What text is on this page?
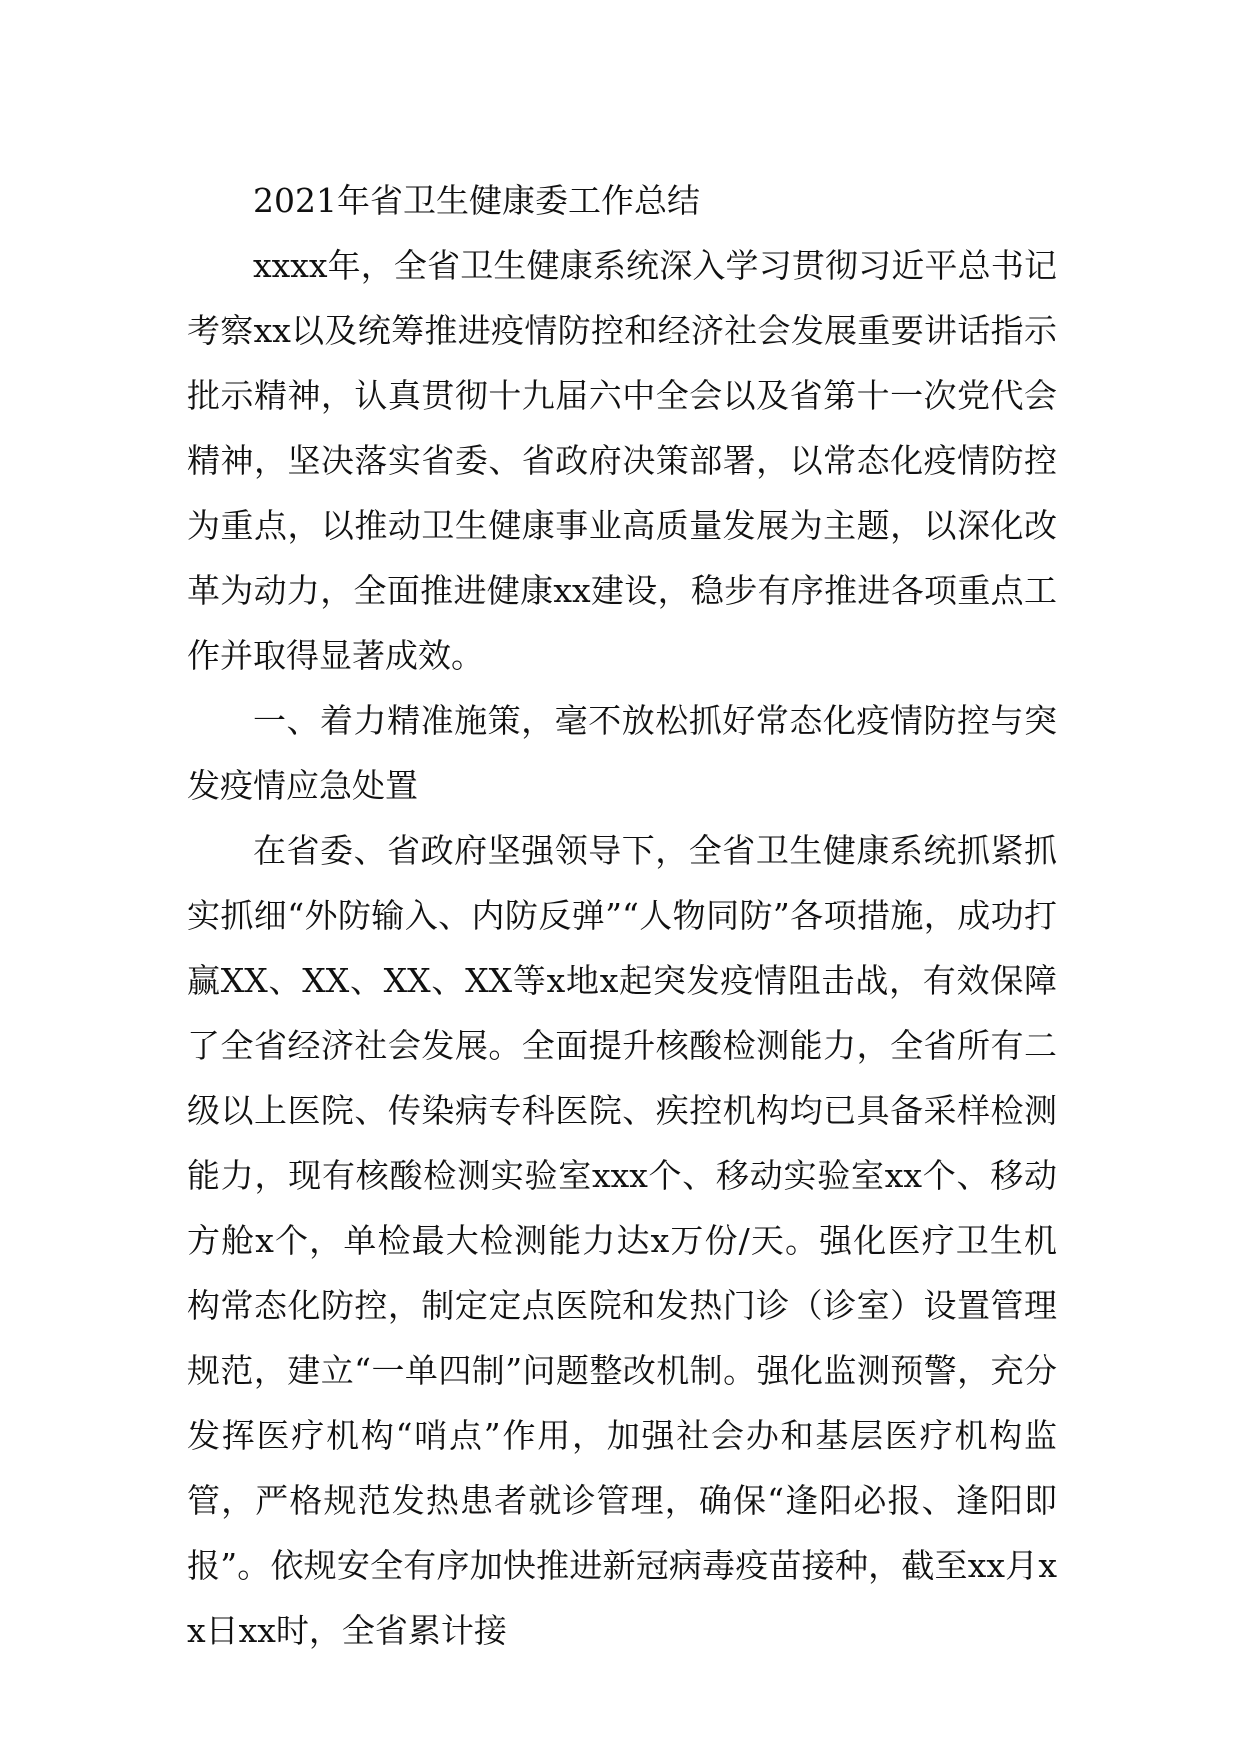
2021年省卫生健康委工作总结

xxxx年，全省卫生健康系统深入学习贯彻习近平总书记考察xx以及统筹推进疫情防控和经济社会发展重要讲话指示批示精神，认真贯彻十九届六中全会以及省第十一次党代会精神，坚决落实省委、省政府决策部署，以常态化疫情防控为重点，以推动卫生健康事业高质量发展为主题，以深化改革为动力，全面推进健康xx建设，稳步有序推进各项重点工作并取得显著成效。

一、着力精准施策，毫不放松抓好常态化疫情防控与突发疫情应急处置

在省委、省政府坚强领导下，全省卫生健康系统抓紧抓实抓细“外防输入、内防反弹”“人物同防”各项措施，成功打赢XX、XX、XX、XX等x地x起突发疫情阻击战，有效保障了全省经济社会发展。全面提升核酸检测能力，全省所有二级以上医院、传染病专科医院、疾控机构均已具备采样检测能力，现有核酸检测实验室xxx个、移动实验室xx个、移动方舱x个，单检最大检测能力达x万份/天。强化医疗卫生机构常态化防控，制定定点医院和发热门诊（诊室）设置管理规范，建立“一单四制”问题整改机制。强化监测预警，充分发挥医疗机构“哨点”作用，加强社会办和基层医疗机构监管，严格规范发热患者就诊管理，确保“逢阳必报、逢阳即报”。依规安全有序加快推进新冠病毒疫苗接种，截至xx月xx日xx时，全省累计接
